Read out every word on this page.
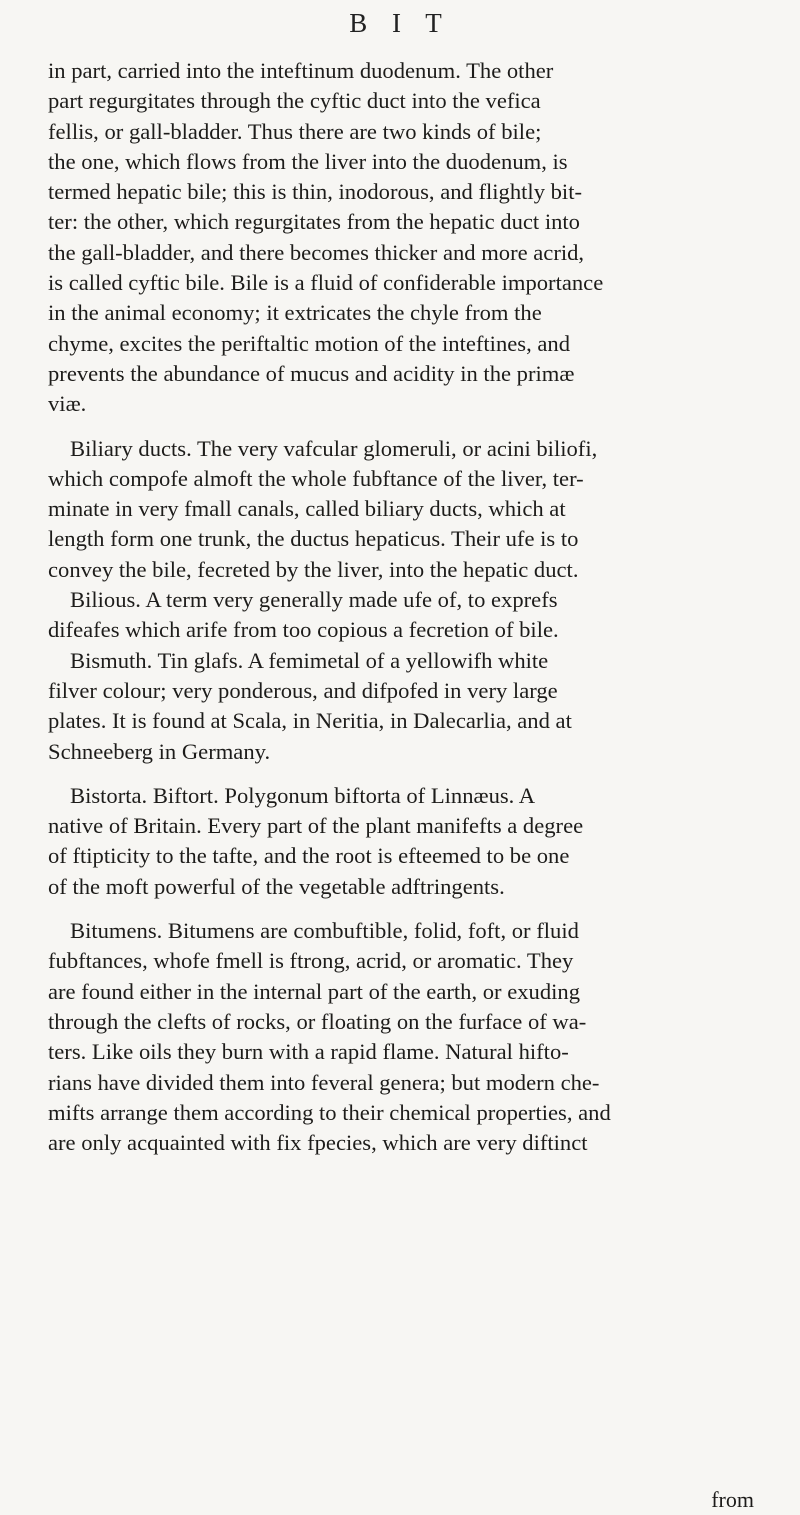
B I T

in part, carried into the inteftinum duodenum. The other
part regurgitates through the cyftic duct into the vefica
fellis, or gall-bladder. Thus there are two kinds of bile;
the one, which flows from the liver into the duodenum, is
termed hepatic bile; this is thin, inodorous, and flightly bit-
ter: the other, which regurgitates from the hepatic duct into
the gall-bladder, and there becomes thicker and more acrid,
is called cyftic bile. Bile is a fluid of confiderable importance
in the animal economy; it extricates the chyle from the
chyme, excites the periftaltic motion of the inteftines, and
prevents the abundance of mucus and acidity in the primæ
viæ.

Biliary ducts. The very vafcular glomeruli, or acini biliofi,
which compofe almoft the whole fubftance of the liver, ter-
minate in very fmall canals, called biliary ducts, which at
length form one trunk, the ductus hepaticus. Their ufe is to
convey the bile, fecreted by the liver, into the hepatic duct.

Bilious. A term very generally made ufe of, to exprefs
difeafes which arife from too copious a fecretion of bile.

Bismuth. Tin glafs. A femimetal of a yellowifh white
filver colour; very ponderous, and difpofed in very large
plates. It is found at Scala, in Neritia, in Dalecarlia, and at
Schneeberg in Germany.

Bistorta. Biftort. Polygonum biftorta of Linnæus. A
native of Britain. Every part of the plant manifefts a degree
of ftipticity to the tafte, and the root is efteemed to be one
of the moft powerful of the vegetable adftringents.

Bitumens. Bitumens are combuftible, folid, foft, or fluid
fubftances, whofe fmell is ftrong, acrid, or aromatic. They
are found either in the internal part of the earth, or exuding
through the clefts of rocks, or floating on the furface of wa-
ters. Like oils they burn with a rapid flame. Natural hifto-
rians have divided them into feveral genera; but modern che-
mifts arrange them according to their chemical properties, and
are only acquainted with fix fpecies, which are very diftinct

from
